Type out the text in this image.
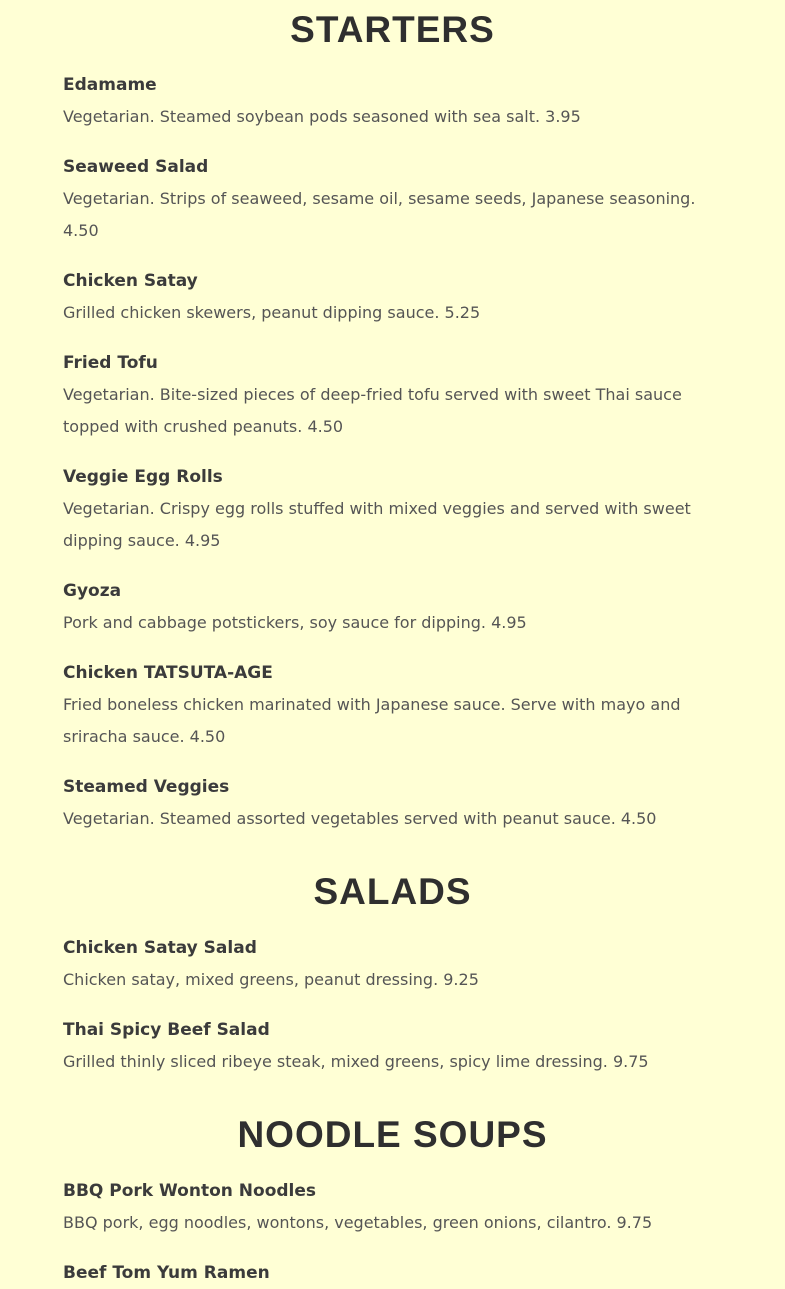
STARTERS

Edamame

Vegetarian. Steamed soybean pods seasoned with sea salt. 3.95

Seaweed Salad

Vegetarian. Strips of seaweed, sesame oil, sesame seeds, Japanese seasoning. 4.50

Chicken Satay

Grilled chicken skewers, peanut dipping sauce. 5.25

Fried Tofu

Vegetarian. Bite-sized pieces of deep-fried tofu served with sweet Thai sauce topped with crushed peanuts. 4.50

Veggie Egg Rolls

Vegetarian. Crispy egg rolls stuffed with mixed veggies and served with sweet dipping sauce. 4.95

Gyoza

Pork and cabbage potstickers, soy sauce for dipping. 4.95

Chicken TATSUTA-AGE

Fried boneless chicken marinated with Japanese sauce. Serve with mayo and sriracha sauce. 4.50

Steamed Veggies

Vegetarian. Steamed assorted vegetables served with peanut sauce. 4.50

SALADS

Chicken Satay Salad

Chicken satay, mixed greens, peanut dressing. 9.25

Thai Spicy Beef Salad

Grilled thinly sliced ribeye steak, mixed greens, spicy lime dressing. 9.75

NOODLE SOUPS

BBQ Pork Wonton Noodles

BBQ pork, egg noodles, wontons, vegetables, green onions, cilantro. 9.75

Beef Tom Yum Ramen
